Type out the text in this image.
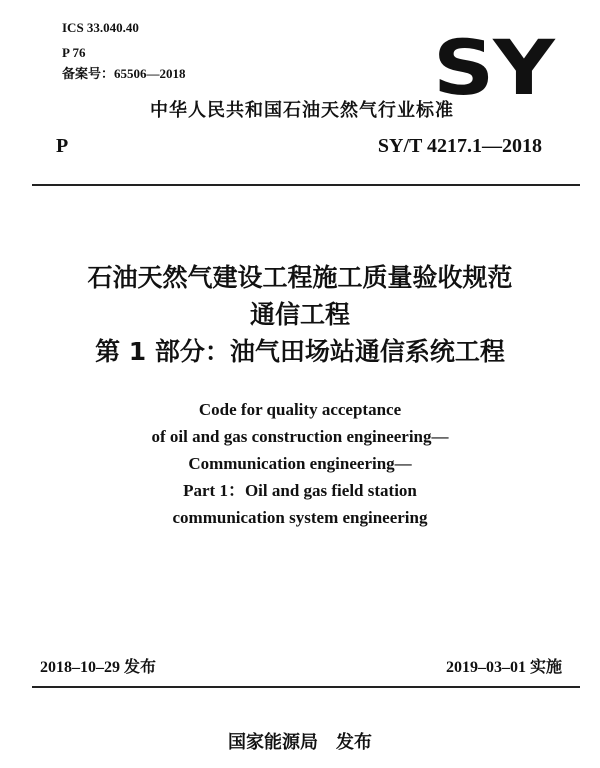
ICS 33.040.40
P 76
备案号：65506—2018	SY
中华人民共和国石油天然气行业标准
P	SY/T 4217.1—2018
石油天然气建设工程施工质量验收规范
通信工程
第 1 部分：油气田场站通信系统工程
Code for quality acceptance
of oil and gas construction engineering—
Communication engineering—
Part 1：Oil and gas field station
communication system engineering
2018–10–29 发布	2019–03–01 实施
国家能源局　发布
